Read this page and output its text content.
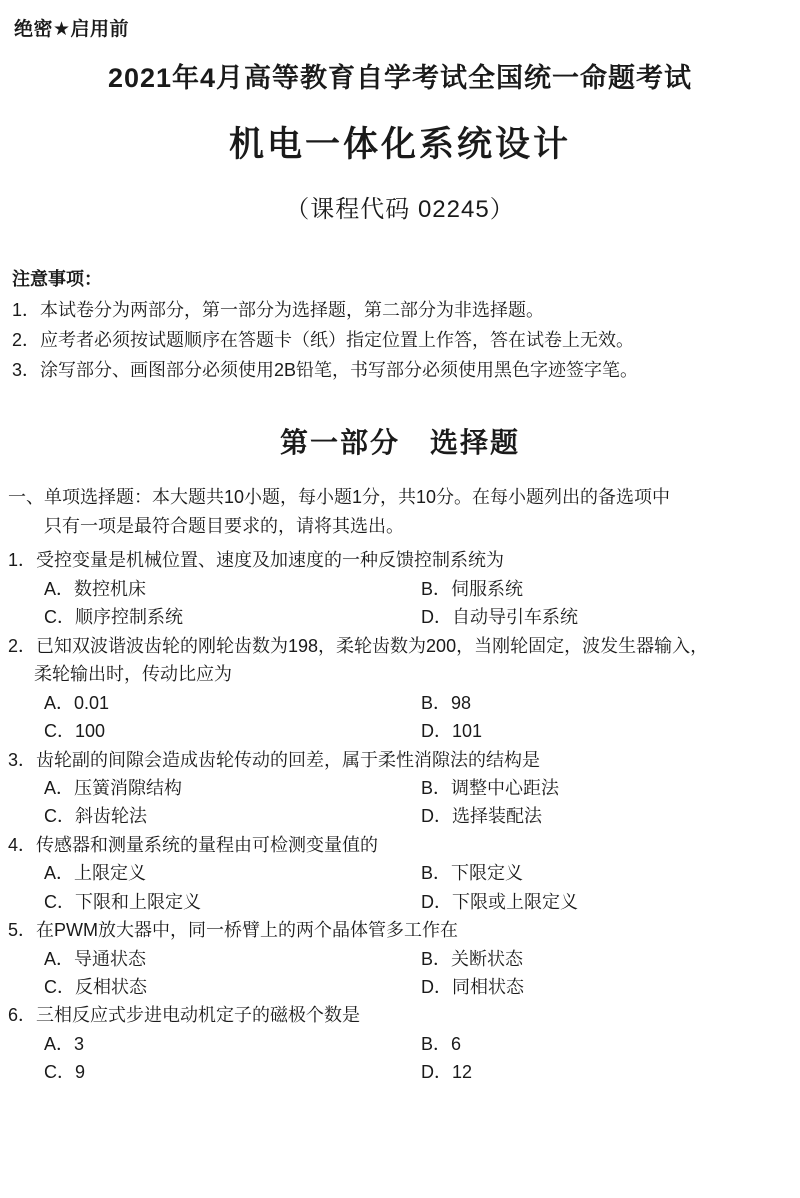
绝密★启用前
2021年4月高等教育自学考试全国统一命题考试
机电一体化系统设计
（课程代码 02245）
注意事项：
1．本试卷分为两部分，第一部分为选择题，第二部分为非选择题。
2．应考者必须按试题顺序在答题卡（纸）指定位置上作答，答在试卷上无效。
3．涂写部分、画图部分必须使用2B铅笔，书写部分必须使用黑色字迹签字笔。
第一部分　选择题
一、单项选择题：本大题共10小题，每小题1分，共10分。在每小题列出的备选项中
只有一项是最符合题目要求的，请将其选出。
1．受控变量是机械位置、速度及加速度的一种反馈控制系统为
A．数控机床	B．伺服系统
C．顺序控制系统	D．自动导引车系统
2．已知双波谐波齿轮的刚轮齿数为198，柔轮齿数为200，当刚轮固定，波发生器输入，
柔轮输出时，传动比应为
A．0.01	B．98
C．100	D．101
3．齿轮副的间隙会造成齿轮传动的回差，属于柔性消隙法的结构是
A．压簧消隙结构	B．调整中心距法
C．斜齿轮法	D．选择装配法
4．传感器和测量系统的量程由可检测变量值的
A．上限定义	B．下限定义
C．下限和上限定义	D．下限或上限定义
5．在PWM放大器中，同一桥臂上的两个晶体管多工作在
A．导通状态	B．关断状态
C．反相状态	D．同相状态
6．三相反应式步进电动机定子的磁极个数是
A．3	B．6
C．9	D．12
